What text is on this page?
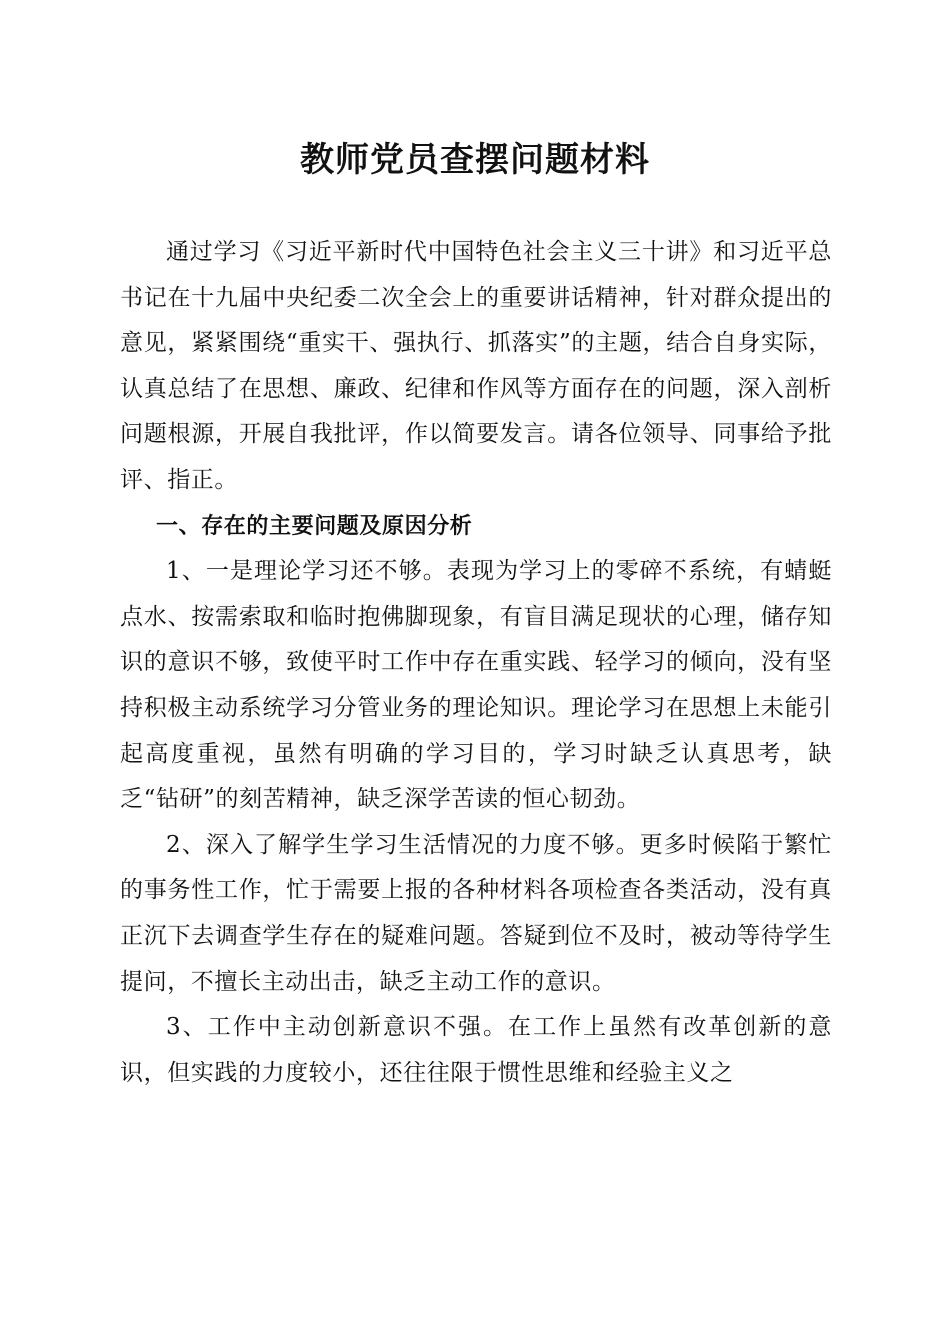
教师党员查摆问题材料

通过学习《习近平新时代中国特色社会主义三十讲》和习近平总书记在十九届中央纪委二次全会上的重要讲话精神，针对群众提出的意见，紧紧围绕“重实干、强执行、抓落实”的主题，结合自身实际，认真总结了在思想、廉政、纪律和作风等方面存在的问题，深入剖析问题根源，开展自我批评，作以简要发言。请各位领导、同事给予批评、指正。

一、存在的主要问题及原因分析

1、一是理论学习还不够。表现为学习上的零碎不系统，有蜻蜓点水、按需索取和临时抱佛脚现象，有盲目满足现状的心理，储存知识的意识不够，致使平时工作中存在重实践、轻学习的倾向，没有坚持积极主动系统学习分管业务的理论知识。理论学习在思想上未能引起高度重视，虽然有明确的学习目的，学习时缺乏认真思考，缺乏“钻研”的刻苦精神，缺乏深学苦读的恒心韧劲。

2、深入了解学生学习生活情况的力度不够。更多时候陷于繁忙的事务性工作，忙于需要上报的各种材料各项检查各类活动，没有真正沉下去调查学生存在的疑难问题。答疑到位不及时，被动等待学生提问，不擅长主动出击，缺乏主动工作的意识。

3、工作中主动创新意识不强。在工作上虽然有改革创新的意识，但实践的力度较小，还往往限于惯性思维和经验主义之
